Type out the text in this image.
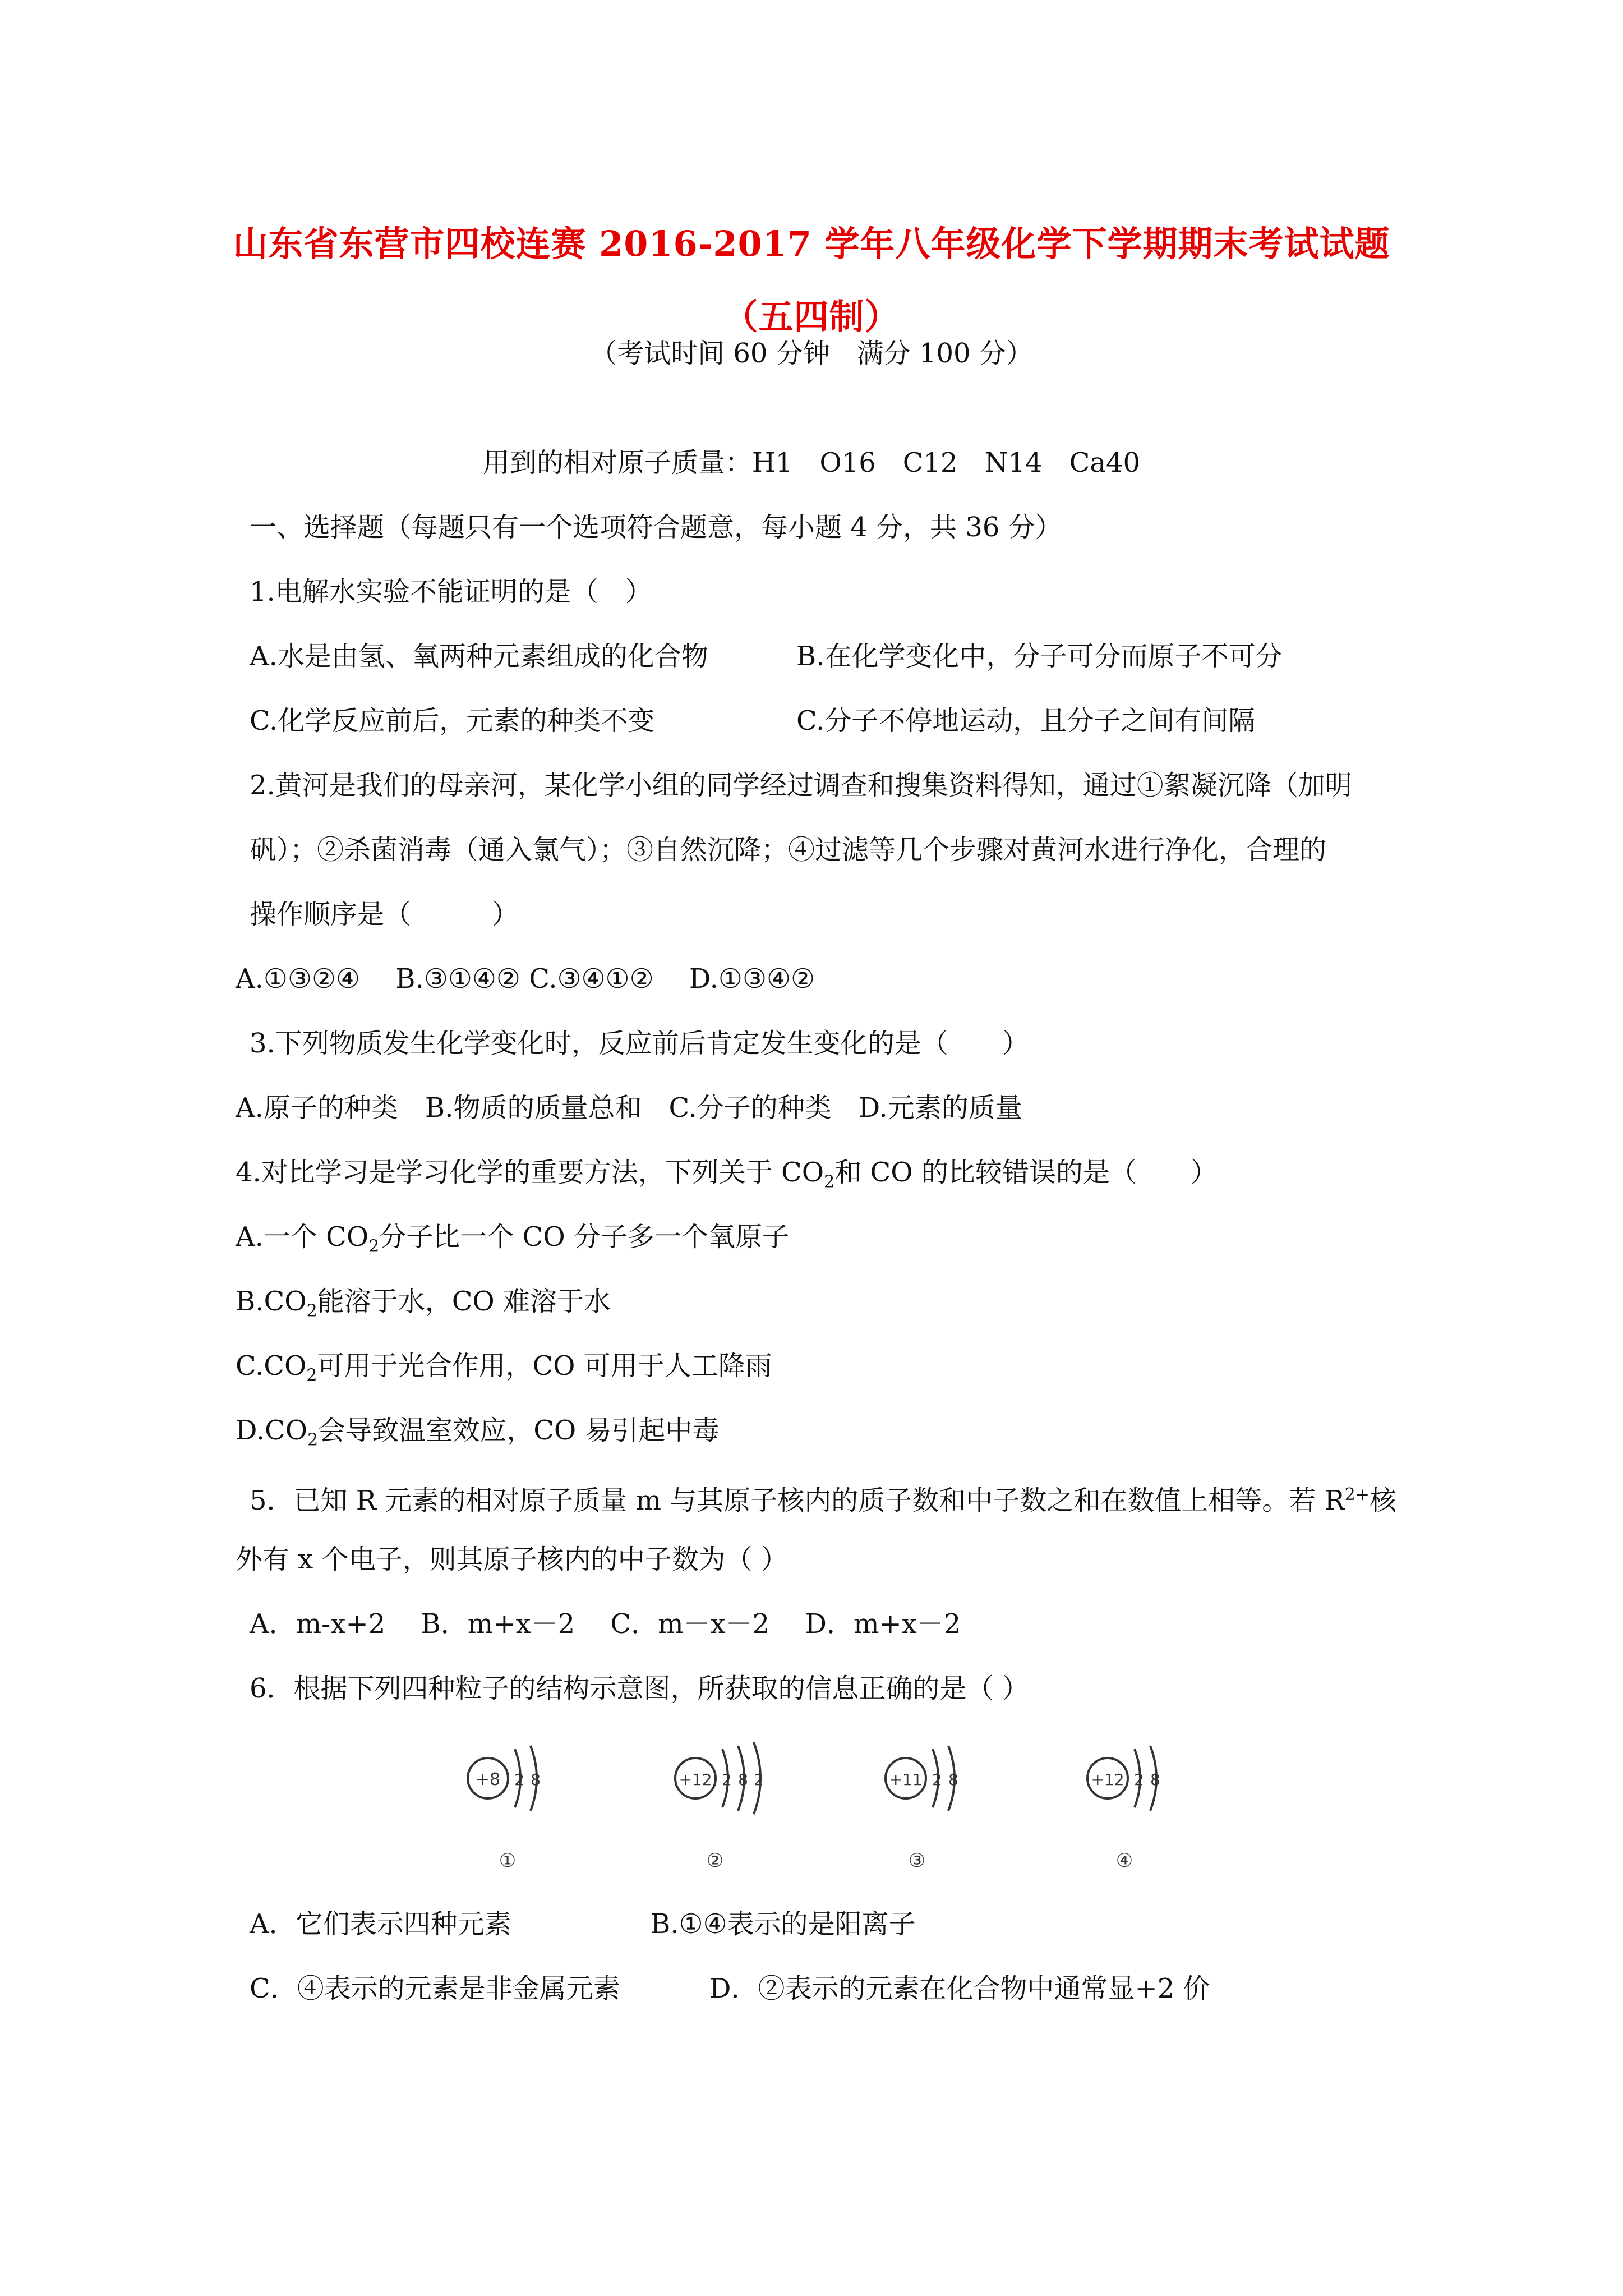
山东省东营市四校连赛 2016-2017 学年八年级化学下学期期末考试试题
（五四制）
（考试时间 60 分钟　满分 100 分）
用到的相对原子质量：H1　O16　C12　N14　Ca40
一、选择题（每题只有一个选项符合题意，每小题 4 分，共 36 分）
1.电解水实验不能证明的是（　）
A.水是由氢、氧两种元素组成的化合物	B.在化学变化中，分子可分而原子不可分
C.化学反应前后，元素的种类不变	C.分子不停地运动，且分子之间有间隔
2.黄河是我们的母亲河，某化学小组的同学经过调查和搜集资料得知，通过①絮凝沉降（加明
矾）；②杀菌消毒（通入氯气）；③自然沉降；④过滤等几个步骤对黄河水进行净化，合理的
操作顺序是（　　　）
A.①③②④　 B.③①④② C.③④①②　 D.①③④②
3.下列物质发生化学变化时，反应前后肯定发生变化的是（　　）
A.原子的种类　B.物质的质量总和　C.分子的种类　D.元素的质量
4.对比学习是学习化学的重要方法，下列关于 $CO_2$和 CO 的比较错误的是（　　）
A.一个 $CO_2$分子比一个 CO 分子多一个氧原子
$B.CO_2$能溶于水，CO 难溶于水
$C.CO_2$可用于光合作用，CO 可用于人工降雨
$D.CO_2$会导致温室效应，CO 易引起中毒
5．已知 R 元素的相对原子质量 m 与其原子核内的质子数和中子数之和在数值上相等。若 $R^{2+}$核
外有 x 个电子，则其原子核内的中子数为（ ）
A．m-x+2　 B．m+x－2　 C．m－x－2　 D．m+x－2
6．根据下列四种粒子的结构示意图，所获取的信息正确的是（ ）
+8 2 8
①
+12 2 8 2
②
+11 2 8
③
+12 2 8
④
A．它们表示四种元素	B.①④表示的是阳离子
C．④表示的元素是非金属元素	D．②表示的元素在化合物中通常显+2 价
